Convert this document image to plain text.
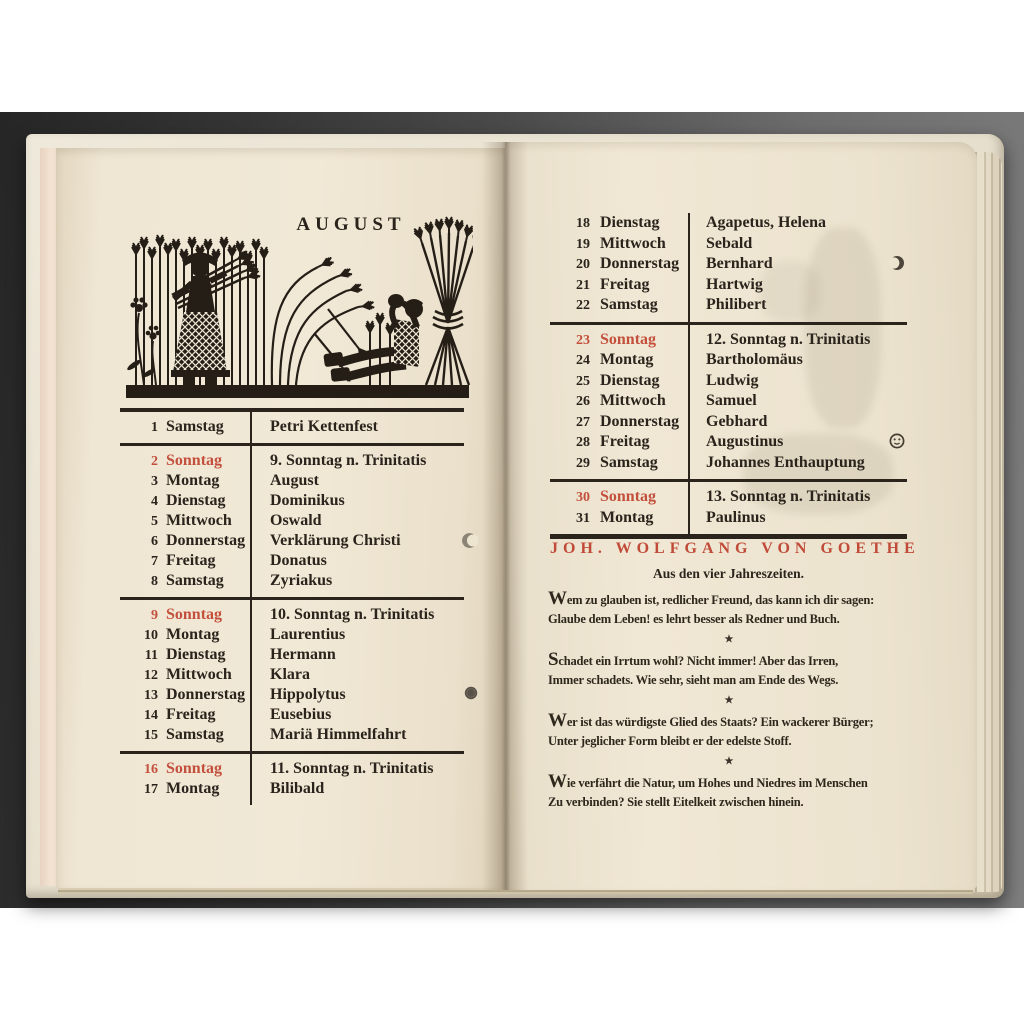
AUGUST
1 Samstag	Petri Kettenfest
2 Sonntag	9. Sonntag n. Trinitatis
3 Montag	August
4 Dienstag	Dominikus
5 Mittwoch	Oswald
6 Donnerstag	Verklärung Christi
7 Freitag	Donatus
8 Samstag	Zyriakus
9 Sonntag	10. Sonntag n. Trinitatis
10 Montag	Laurentius
11 Dienstag	Hermann
12 Mittwoch	Klara
13 Donnerstag	Hippolytus
14 Freitag	Eusebius
15 Samstag	Mariä Himmelfahrt
16 Sonntag	11. Sonntag n. Trinitatis
17 Montag	Bilibald
18 Dienstag	Agapetus, Helena
19 Mittwoch	Sebald
20 Donnerstag	Bernhard
21 Freitag	Hartwig
22 Samstag	Philibert
23 Sonntag	12. Sonntag n. Trinitatis
24 Montag	Bartholomäus
25 Dienstag	Ludwig
26 Mittwoch	Samuel
27 Donnerstag	Gebhard
28 Freitag	Augustinus
29 Samstag	Johannes Enthauptung
30 Sonntag	13. Sonntag n. Trinitatis
31 Montag	Paulinus
JOH. WOLFGANG VON GOETHE
Aus den vier Jahreszeiten.
Wem zu glauben ist, redlicher Freund, das kann ich dir sagen:
Glaube dem Leben! es lehrt besser als Redner und Buch.
★
Schadet ein Irrtum wohl? Nicht immer! Aber das Irren,
Immer schadets. Wie sehr, sieht man am Ende des Wegs.
★
Wer ist das würdigste Glied des Staats? Ein wackerer Bürger;
Unter jeglicher Form bleibt er der edelste Stoff.
★
Wie verfährt die Natur, um Hohes und Niedres im Menschen
Zu verbinden? Sie stellt Eitelkeit zwischen hinein.
